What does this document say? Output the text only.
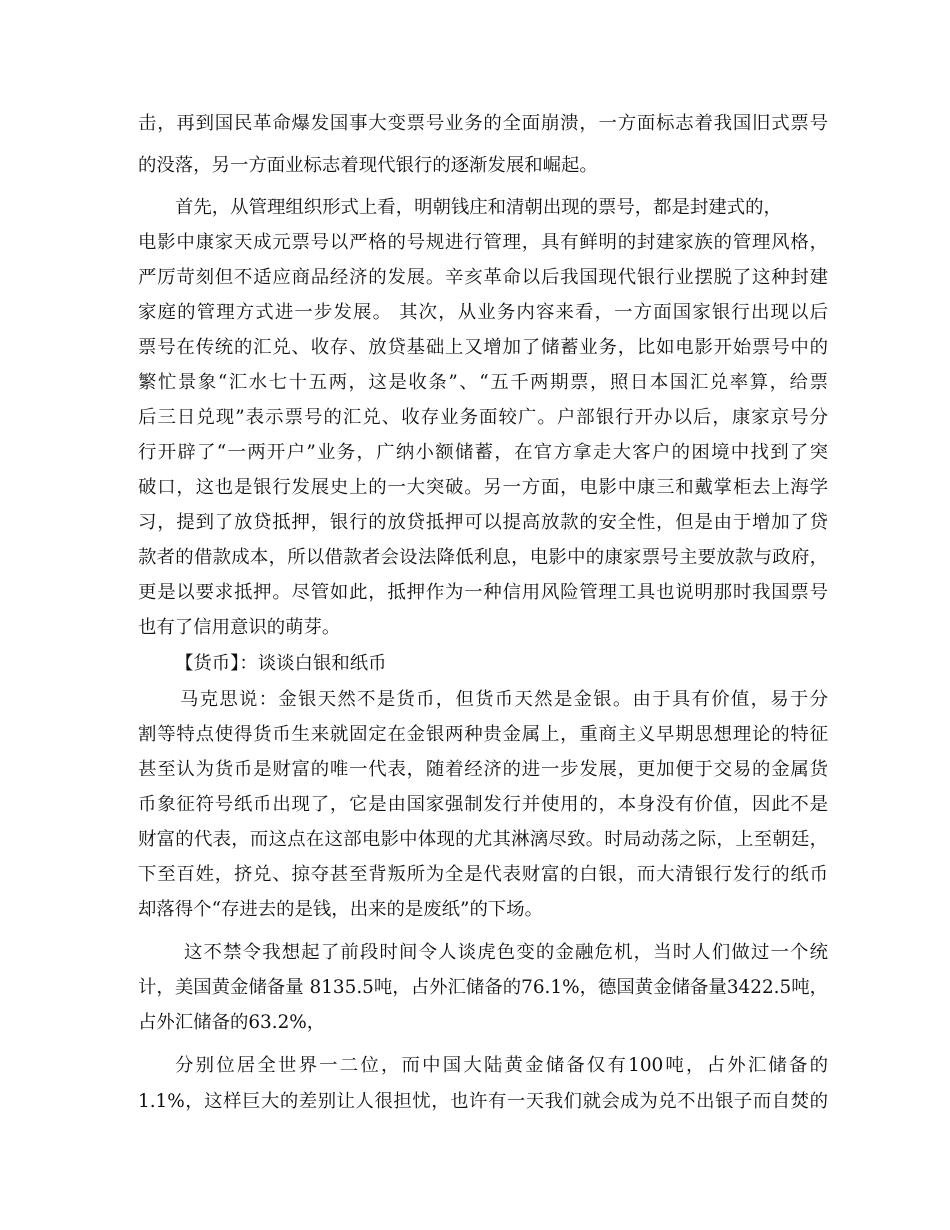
击，再到国民革命爆发国事大变票号业务的全面崩溃，一方面标志着我国旧式票号
的没落，另一方面业标志着现代银行的逐渐发展和崛起。
首先，从管理组织形式上看，明朝钱庄和清朝出现的票号，都是封建式的，
电影中康家天成元票号以严格的号规进行管理，具有鲜明的封建家族的管理风格，
严厉苛刻但不适应商品经济的发展。辛亥革命以后我国现代银行业摆脱了这种封建
家庭的管理方式进一步发展。 其次，从业务内容来看，一方面国家银行出现以后
票号在传统的汇兑、收存、放贷基础上又增加了储蓄业务，比如电影开始票号中的
繁忙景象“汇水七十五两，这是收条”、“五千两期票，照日本国汇兑率算，给票
后三日兑现”表示票号的汇兑、收存业务面较广。户部银行开办以后，康家京号分
行开辟了“一两开户”业务，广纳小额储蓄，在官方拿走大客户的困境中找到了突
破口，这也是银行发展史上的一大突破。另一方面，电影中康三和戴掌柜去上海学
习，提到了放贷抵押，银行的放贷抵押可以提高放款的安全性，但是由于增加了贷
款者的借款成本，所以借款者会设法降低利息，电影中的康家票号主要放款与政府，
更是以要求抵押。尽管如此，抵押作为一种信用风险管理工具也说明那时我国票号
也有了信用意识的萌芽。
【货币】：谈谈白银和纸币
马克思说：金银天然不是货币，但货币天然是金银。由于具有价值，易于分
割等特点使得货币生来就固定在金银两种贵金属上，重商主义早期思想理论的特征
甚至认为货币是财富的唯一代表，随着经济的进一步发展，更加便于交易的金属货
币象征符号纸币出现了，它是由国家强制发行并使用的，本身没有价值，因此不是
财富的代表，而这点在这部电影中体现的尤其淋漓尽致。时局动荡之际，上至朝廷，
下至百姓，挤兑、掠夺甚至背叛所为全是代表财富的白银，而大清银行发行的纸币
却落得个“存进去的是钱，出来的是废纸”的下场。
这不禁令我想起了前段时间令人谈虎色变的金融危机，当时人们做过一个统
计，美国黄金储备量 8135.5吨，占外汇储备的76.1%，德国黄金储备量3422.5吨，
占外汇储备的63.2%，
分别位居全世界一二位，而中国大陆黄金储备仅有100吨，占外汇储备的
1.1%，这样巨大的差别让人很担忧，也许有一天我们就会成为兑不出银子而自焚的
